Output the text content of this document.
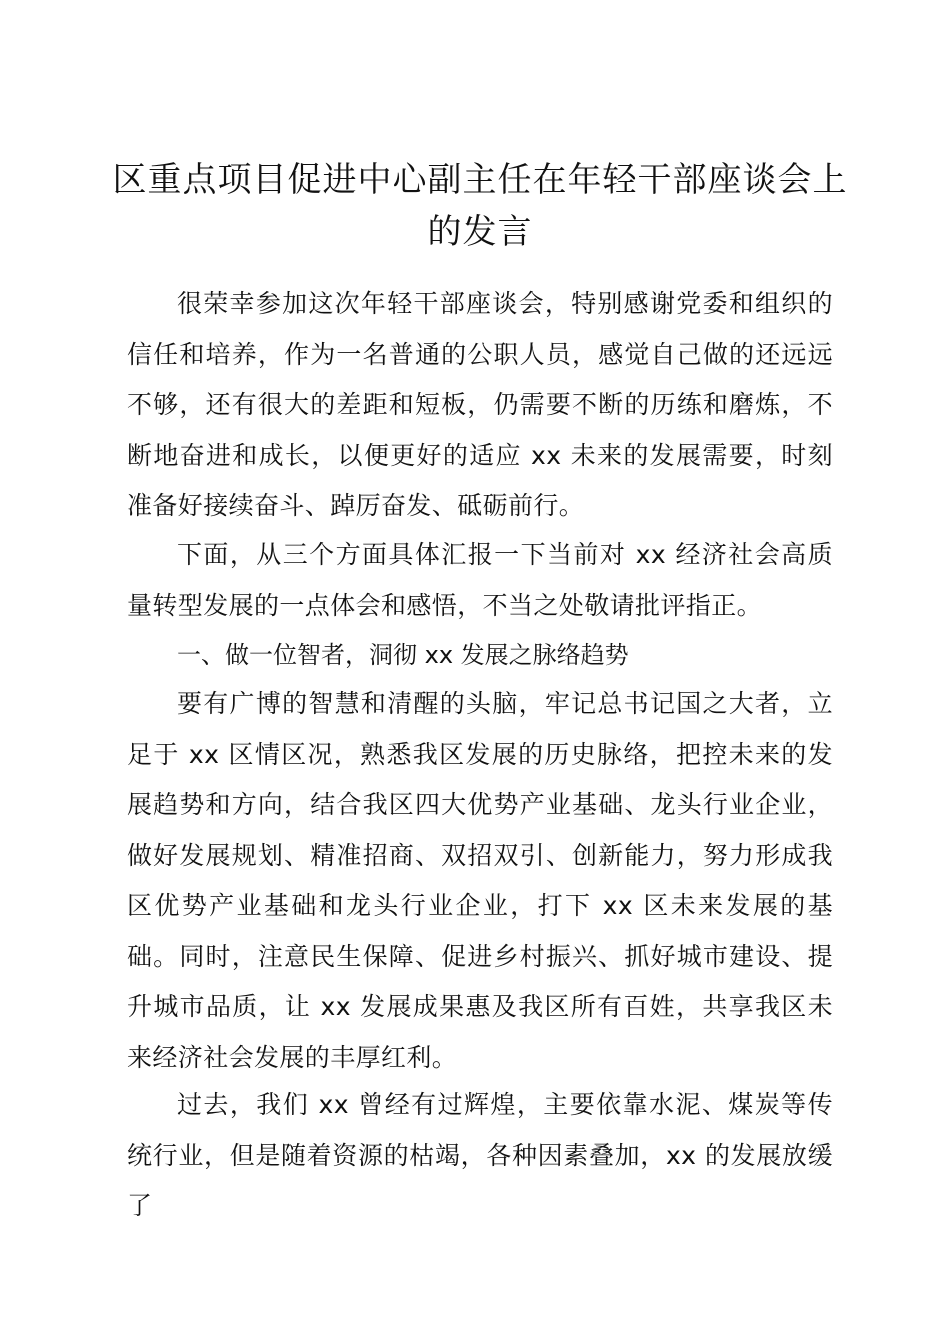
区重点项目促进中心副主任在年轻干部座谈会上的发言

很荣幸参加这次年轻干部座谈会，特别感谢党委和组织的信任和培养，作为一名普通的公职人员，感觉自己做的还远远不够，还有很大的差距和短板，仍需要不断的历练和磨炼，不断地奋进和成长，以便更好的适应 xx 未来的发展需要，时刻准备好接续奋斗、踔厉奋发、砥砺前行。

下面，从三个方面具体汇报一下当前对 xx 经济社会高质量转型发展的一点体会和感悟，不当之处敬请批评指正。

一、做一位智者，洞彻 xx 发展之脉络趋势

要有广博的智慧和清醒的头脑，牢记总书记国之大者，立足于 xx 区情区况，熟悉我区发展的历史脉络，把控未来的发展趋势和方向，结合我区四大优势产业基础、龙头行业企业，做好发展规划、精准招商、双招双引、创新能力，努力形成我区优势产业基础和龙头行业企业，打下 xx 区未来发展的基础。同时，注意民生保障、促进乡村振兴、抓好城市建设、提升城市品质，让 xx 发展成果惠及我区所有百姓，共享我区未来经济社会发展的丰厚红利。

过去，我们 xx 曾经有过辉煌，主要依靠水泥、煤炭等传统行业，但是随着资源的枯竭，各种因素叠加，xx 的发展放缓了
